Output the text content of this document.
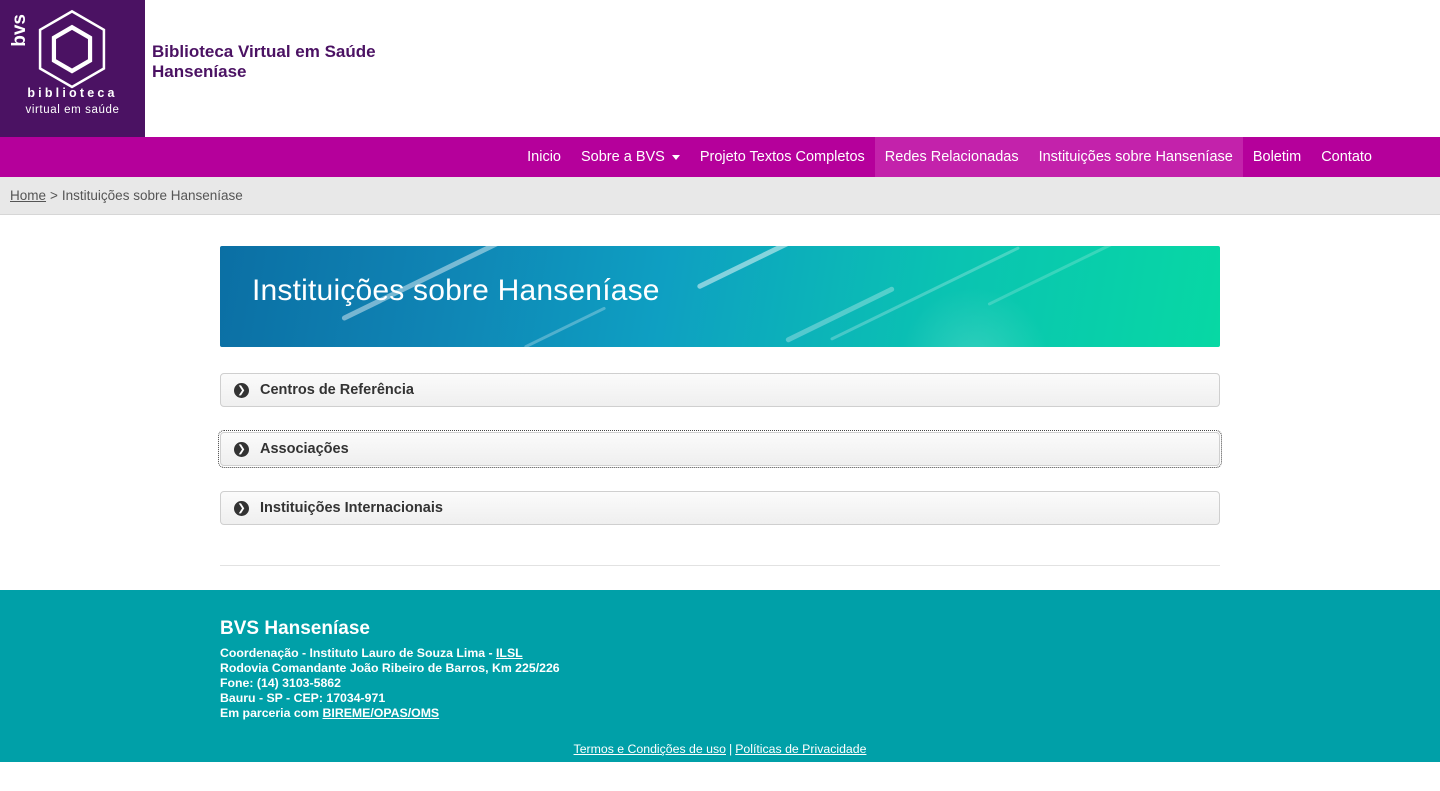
bvs
biblioteca
virtual em saúde
Biblioteca Virtual em Saúde
Hanseníase
Inicio Sobre a BVS Projeto Textos Completos Redes Relacionadas Instituições sobre Hanseníase Boletim Contato
Home > Instituições sobre Hanseníase
Instituições sobre Hanseníase
❯ Centros de Referência
❯ Associações
❯ Instituições Internacionais
BVS Hanseníase
Coordenação - Instituto Lauro de Souza Lima - ILSL
Rodovia Comandante João Ribeiro de Barros, Km 225/226
Fone: (14) 3103-5862
Bauru - SP - CEP: 17034-971
Em parceria com BIREME/OPAS/OMS
Termos e Condições de uso | Políticas de Privacidade
